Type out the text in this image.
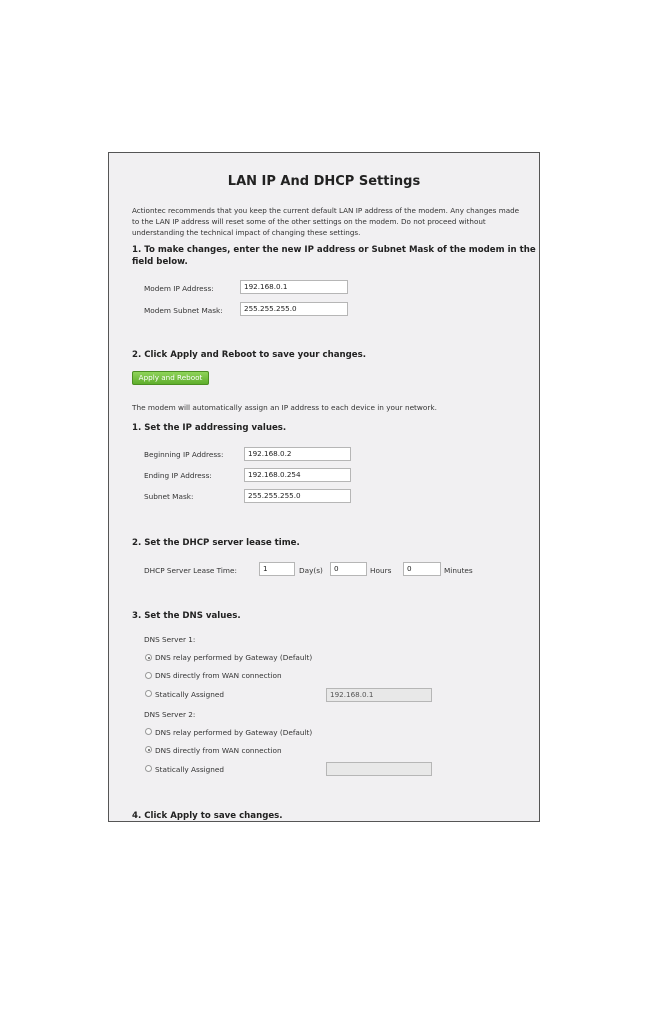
LAN IP And DHCP Settings
Actiontec recommends that you keep the current default LAN IP address of the modem. Any changes made to the LAN IP address will reset some of the other settings on the modem. Do not proceed without understanding the technical impact of changing these settings.
1. To make changes, enter the new IP address or Subnet Mask of the modem in the
field below.
Modem IP Address:	192.168.0.1
Modem Subnet Mask:	255.255.255.0
2. Click Apply and Reboot to save your changes.
Apply and Reboot
The modem will automatically assign an IP address to each device in your network.
1. Set the IP addressing values.
Beginning IP Address:	192.168.0.2
Ending IP Address:	192.168.0.254
Subnet Mask:	255.255.255.0
2. Set the DHCP server lease time.
DHCP Server Lease Time:	1	Day(s)	0	Hours	0	Minutes
3. Set the DNS values.
DNS Server 1:
DNS relay performed by Gateway (Default)
DNS directly from WAN connection
Statically Assigned	192.168.0.1
DNS Server 2:
DNS relay performed by Gateway (Default)
DNS directly from WAN connection
Statically Assigned
4. Click Apply to save changes.
